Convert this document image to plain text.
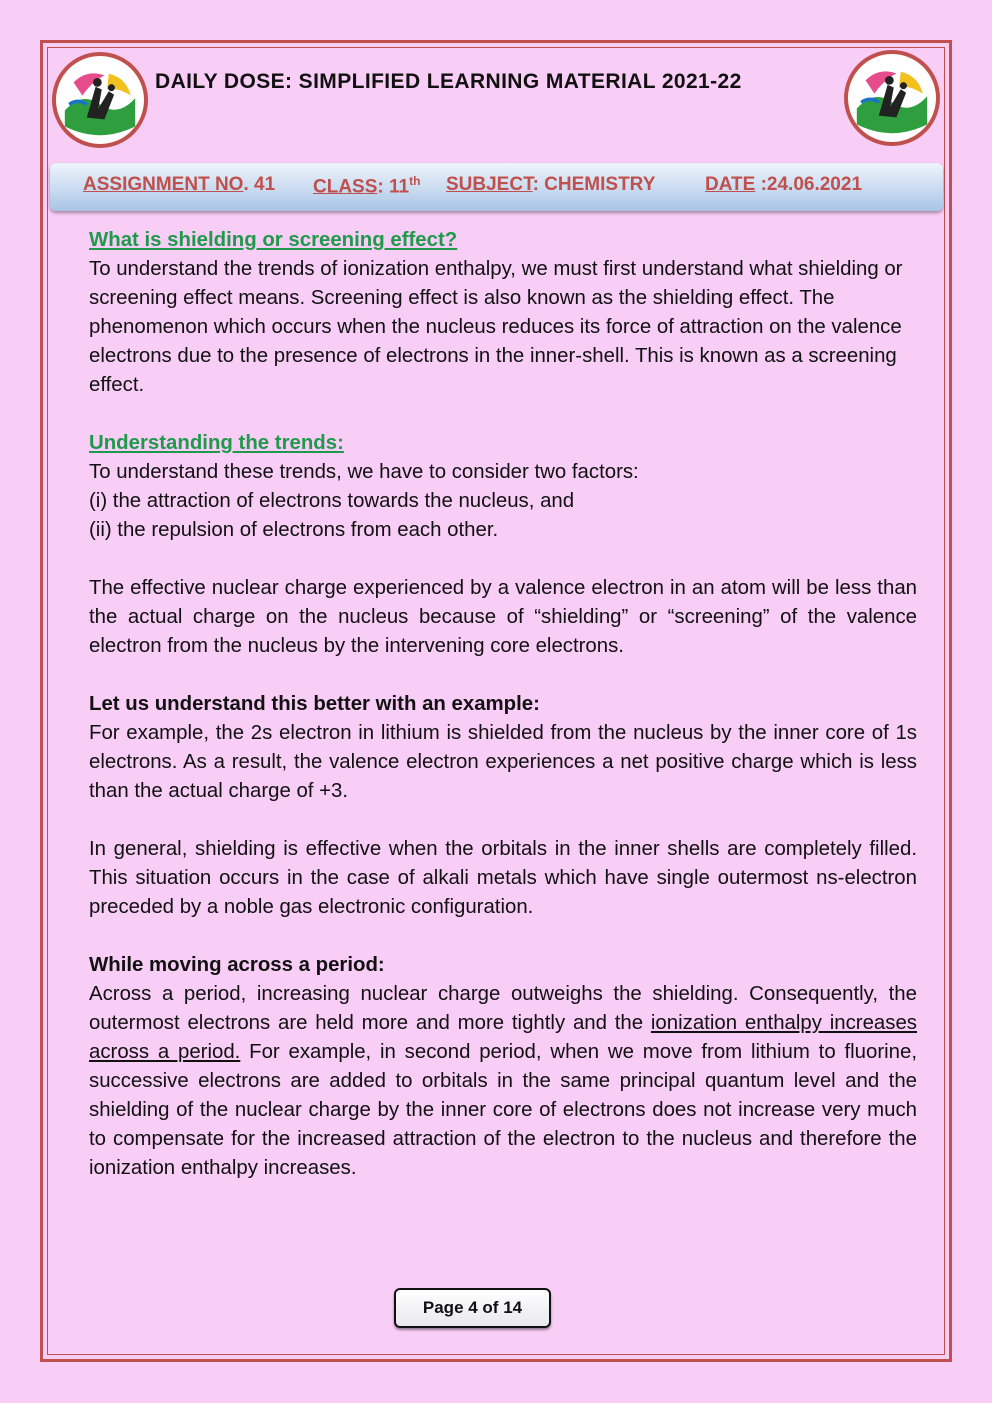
DAILY DOSE: SIMPLIFIED LEARNING MATERIAL 2021-22
ASSIGNMENT NO. 41 CLASS: 11th SUBJECT: CHEMISTRY	DATE :24.06.2021

What is shielding or screening effect?

To understand the trends of ionization enthalpy, we must first understand what shielding or screening effect means. Screening effect is also known as the shielding effect. The phenomenon which occurs when the nucleus reduces its force of attraction on the valence electrons due to the presence of electrons in the inner-shell. This is known as a screening effect.

Understanding the trends:

To understand these trends, we have to consider two factors:

(i) the attraction of electrons towards the nucleus, and

(ii) the repulsion of electrons from each other.

The effective nuclear charge experienced by a valence electron in an atom will be less than the actual charge on the nucleus because of “shielding” or “screening” of the valence electron from the nucleus by the intervening core electrons.

Let us understand this better with an example:

For example, the 2s electron in lithium is shielded from the nucleus by the inner core of 1s electrons. As a result, the valence electron experiences a net positive charge which is less than the actual charge of +3.

In general, shielding is effective when the orbitals in the inner shells are completely filled. This situation occurs in the case of alkali metals which have single outermost ns-electron preceded by a noble gas electronic configuration.

While moving across a period:

Across a period, increasing nuclear charge outweighs the shielding. Consequently, the outermost electrons are held more and more tightly and the ionization enthalpy increases across a period. For example, in second period, when we move from lithium to fluorine, successive electrons are added to orbitals in the same principal quantum level and the shielding of the nuclear charge by the inner core of electrons does not increase very much to compensate for the increased attraction of the electron to the nucleus and therefore the ionization enthalpy increases.

Page 4 of 14
